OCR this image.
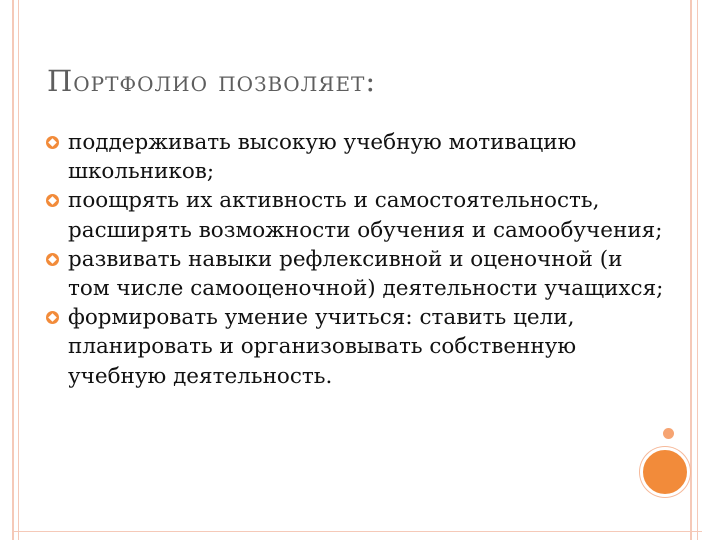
Портфолио позволяет:
поддерживать высокую учебную мотивацию школьников;
поощрять их активность и самостоятельность, расширять возможности обучения и самообучения;
развивать навыки рефлексивной и оценочной (и том числе самооценочной) деятельности учащихся;
формировать умение учиться: ставить цели, планировать и организовывать собственную учебную деятельность.
